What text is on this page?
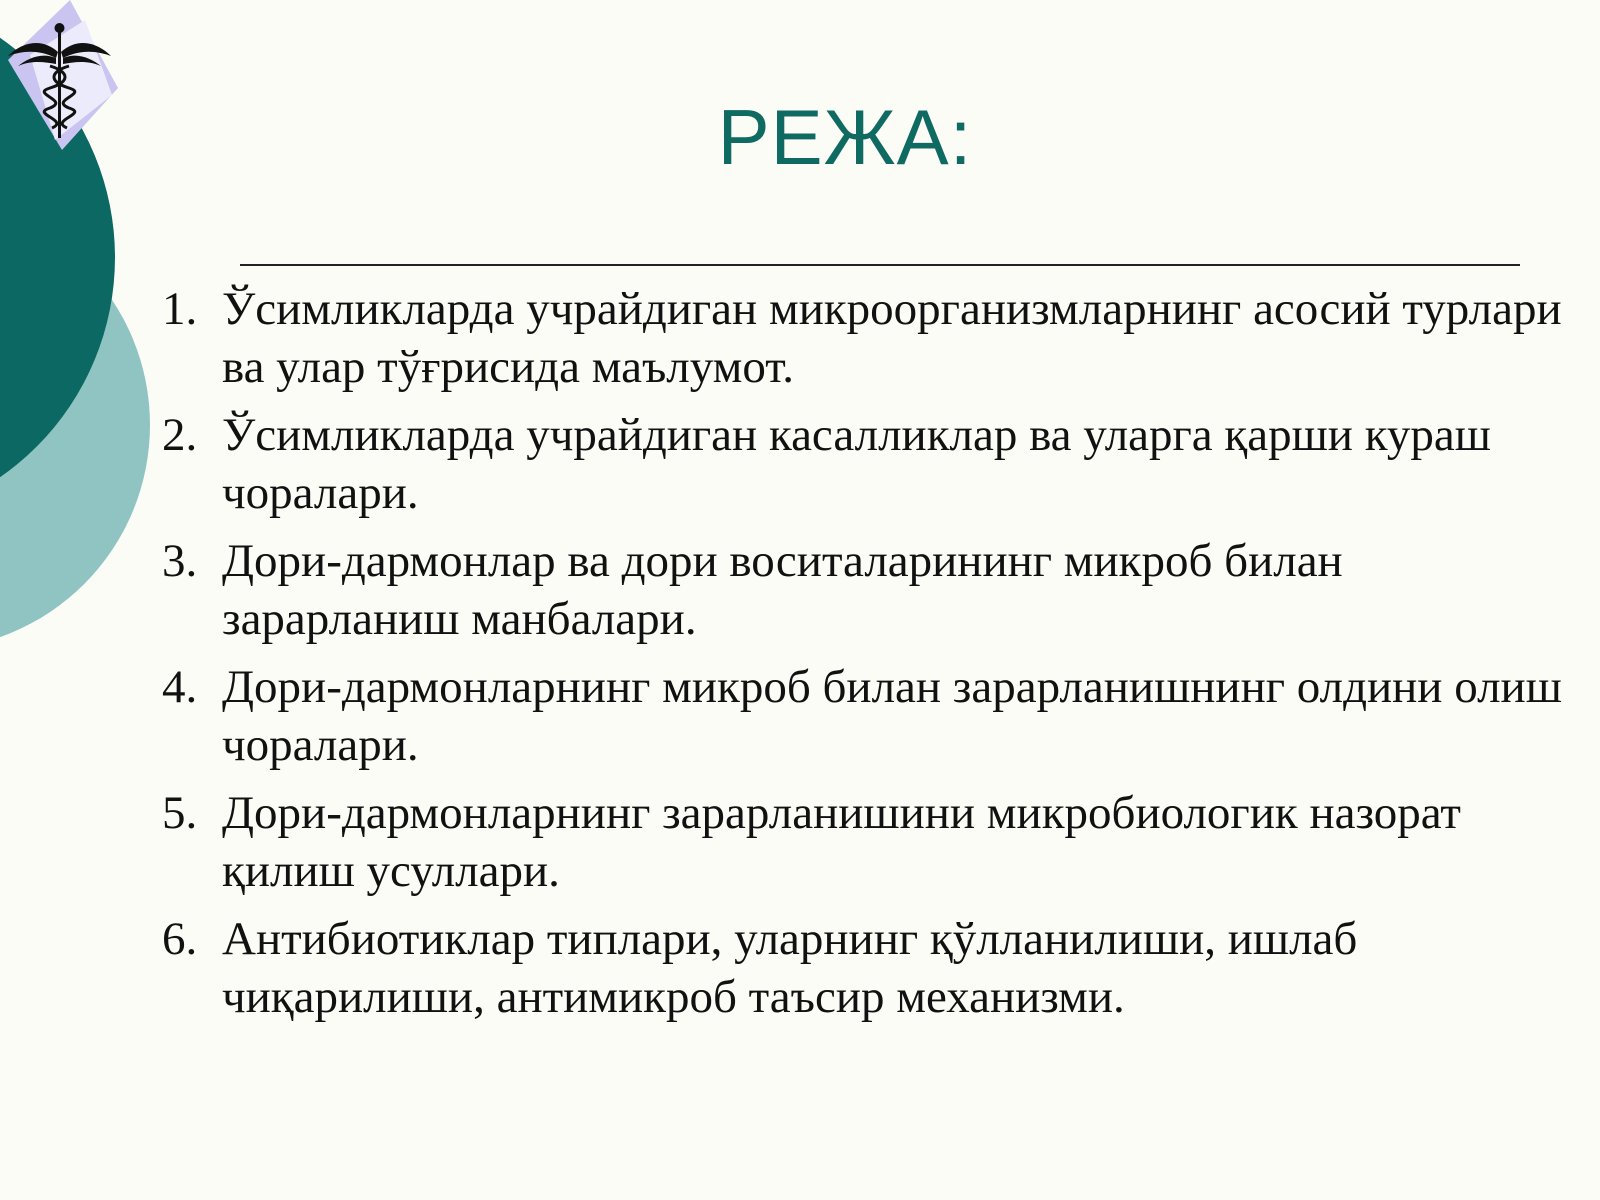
РЕЖА:
1. Ўсимликларда учрайдиган микроорганизмларнинг асосий турлари ва улар тўғрисида маълумот.
2. Ўсимликларда учрайдиган касалликлар ва уларга қарши кураш чоралари.
3. Дори-дармонлар ва дори воситаларининг микроб билан зарарланиш манбалари.
4. Дори-дармонларнинг микроб билан зарарланишнинг олдини олиш чоралари.
5. Дори-дармонларнинг зарарланишини микробиологик назорат қилиш усуллари.
6. Антибиотиклар типлари, уларнинг қўлланилиши, ишлаб чиқарилиши, антимикроб таъсир механизми.
